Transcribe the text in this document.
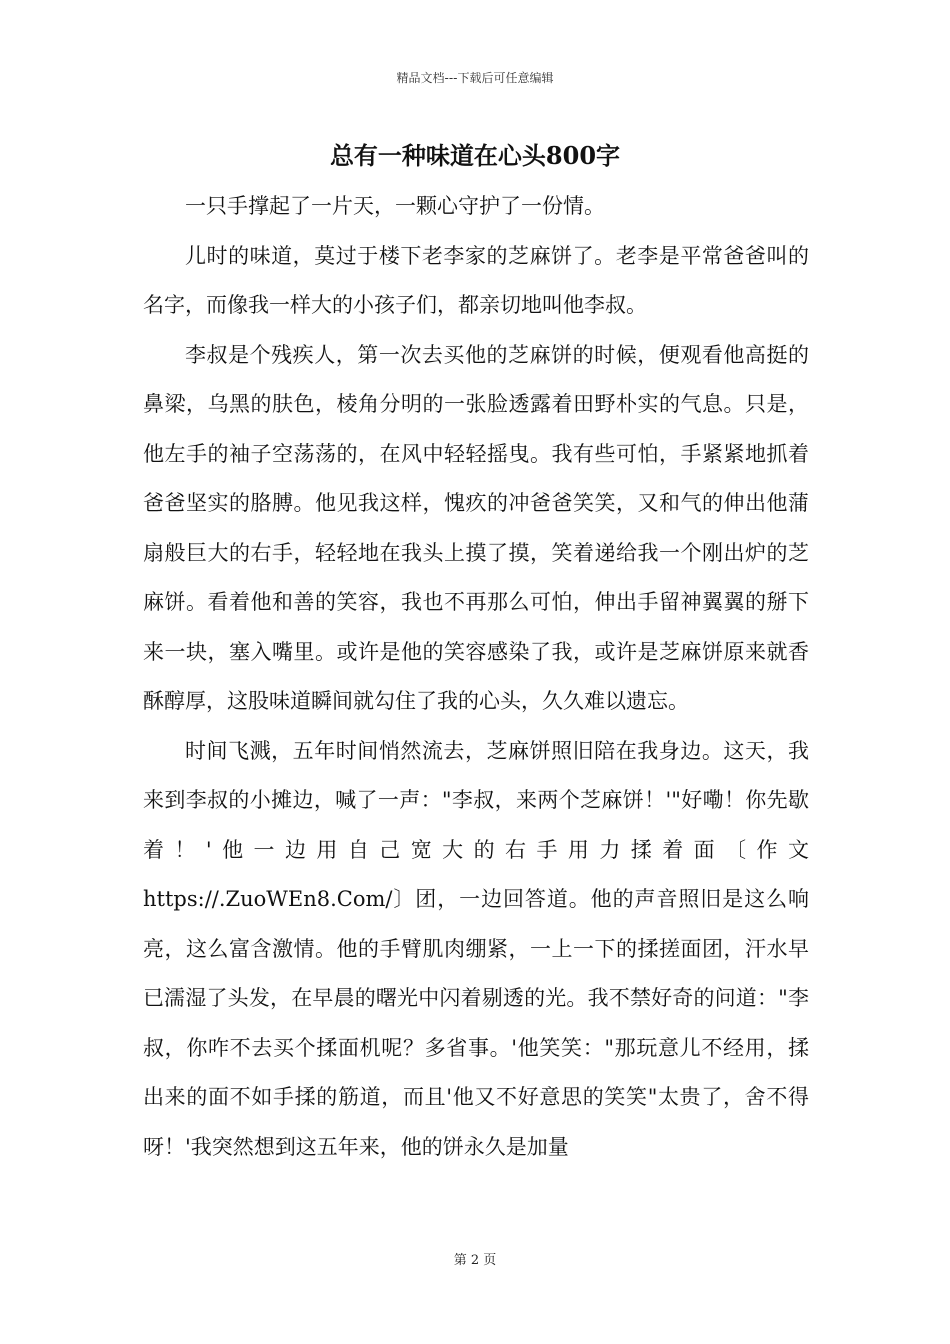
精品文档---下载后可任意编辑
总有一种味道在心头800字

一只手撑起了一片天，一颗心守护了一份情。

儿时的味道，莫过于楼下老李家的芝麻饼了。老李是平常爸爸叫的名字，而像我一样大的小孩子们，都亲切地叫他李叔。

李叔是个残疾人，第一次去买他的芝麻饼的时候，便观看他高挺的鼻梁，乌黑的肤色，棱角分明的一张脸透露着田野朴实的气息。只是，他左手的袖子空荡荡的，在风中轻轻摇曳。我有些可怕，手紧紧地抓着爸爸坚实的胳膊。他见我这样，愧疚的冲爸爸笑笑，又和气的伸出他蒲扇般巨大的右手，轻轻地在我头上摸了摸，笑着递给我一个刚出炉的芝麻饼。看着他和善的笑容，我也不再那么可怕，伸出手留神翼翼的掰下来一块，塞入嘴里。或许是他的笑容感染了我，或许是芝麻饼原来就香酥醇厚，这股味道瞬间就勾住了我的心头，久久难以遗忘。

时间飞溅，五年时间悄然流去，芝麻饼照旧陪在我身边。这天，我来到李叔的小摊边，喊了一声："李叔，来两个芝麻饼！'"好嘞！你先歇着！'他一边用自己宽大的右手用力揉着面〔作文https://.ZuoWEn8.Com/〕团，一边回答道。他的声音照旧是这么响亮，这么富含激情。他的手臂肌肉绷紧，一上一下的揉搓面团，汗水早已濡湿了头发，在早晨的曙光中闪着剔透的光。我不禁好奇的问道："李叔，你咋不去买个揉面机呢？多省事。'他笑笑："那玩意儿不经用，揉出来的面不如手揉的筋道，而且'他又不好意思的笑笑"太贵了，舍不得呀！'我突然想到这五年来，他的饼永久是加量

第 2 页
